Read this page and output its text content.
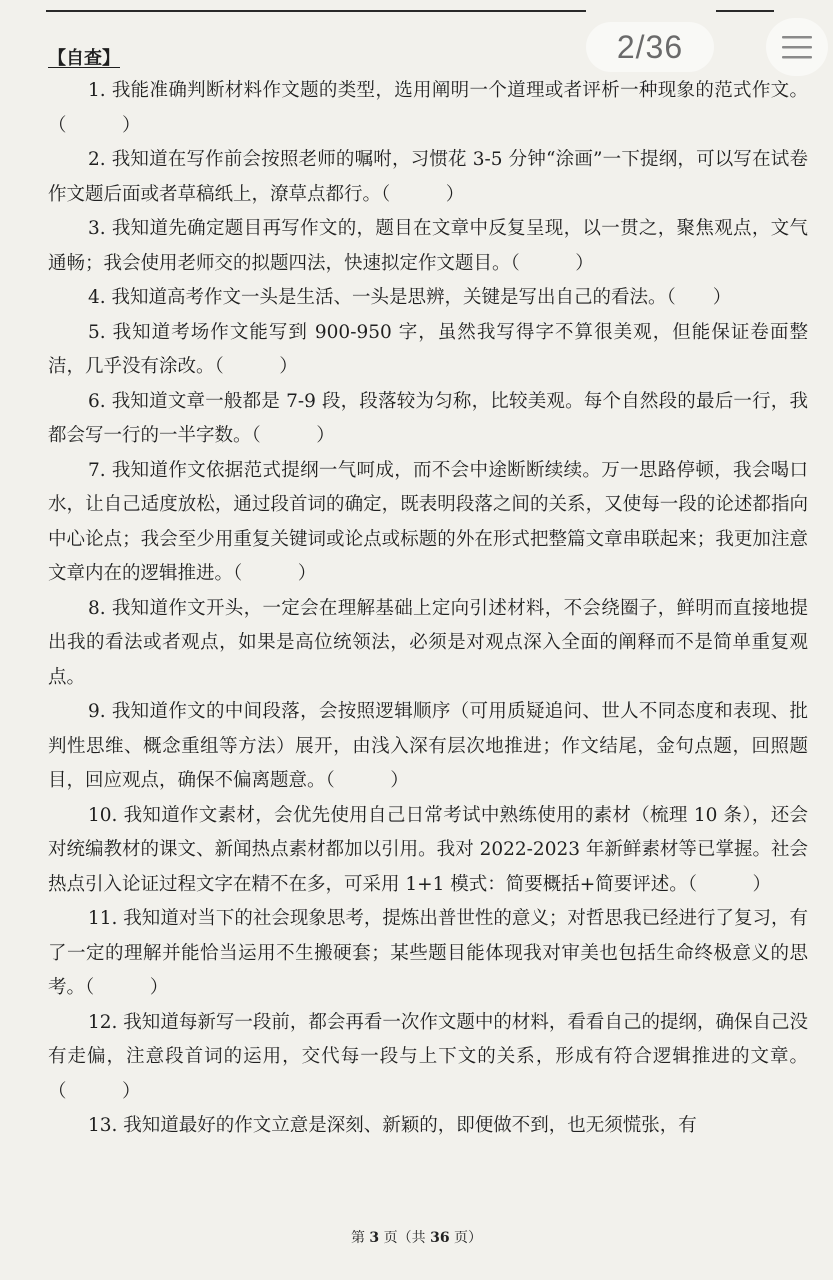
2/36
【自查】

1. 我能准确判断材料作文题的类型，选用阐明一个道理或者评析一种现象的范式作文。（　　　）

2. 我知道在写作前会按照老师的嘱咐，习惯花 3-5 分钟“涂画”一下提纲，可以写在试卷作文题后面或者草稿纸上，潦草点都行。（　　　）

3. 我知道先确定题目再写作文的，题目在文章中反复呈现，以一贯之，聚焦观点，文气通畅；我会使用老师交的拟题四法，快速拟定作文题目。（　　　）

4. 我知道高考作文一头是生活、一头是思辨，关键是写出自己的看法。（　　）

5. 我知道考场作文能写到 900-950 字，虽然我写得字不算很美观，但能保证卷面整洁，几乎没有涂改。（　　　）

6. 我知道文章一般都是 7-9 段，段落较为匀称，比较美观。每个自然段的最后一行，我都会写一行的一半字数。（　　　）

7. 我知道作文依据范式提纲一气呵成，而不会中途断断续续。万一思路停顿，我会喝口水，让自己适度放松，通过段首词的确定，既表明段落之间的关系，又使每一段的论述都指向中心论点；我会至少用重复关键词或论点或标题的外在形式把整篇文章串联起来；我更加注意文章内在的逻辑推进。（　　　）

8. 我知道作文开头，一定会在理解基础上定向引述材料，不会绕圈子，鲜明而直接地提出我的看法或者观点，如果是高位统领法，必须是对观点深入全面的阐释而不是简单重复观点。

9. 我知道作文的中间段落，会按照逻辑顺序（可用质疑追问、世人不同态度和表现、批判性思维、概念重组等方法）展开，由浅入深有层次地推进；作文结尾，金句点题，回照题目，回应观点，确保不偏离题意。（　　　）

10. 我知道作文素材，会优先使用自己日常考试中熟练使用的素材（梳理 10 条），还会对统编教材的课文、新闻热点素材都加以引用。我对 2022-2023 年新鲜素材等已掌握。社会热点引入论证过程文字在精不在多，可采用 1+1 模式：简要概括+简要评述。（　　　）

11. 我知道对当下的社会现象思考，提炼出普世性的意义；对哲思我已经进行了复习，有了一定的理解并能恰当运用不生搬硬套；某些题目能体现我对审美也包括生命终极意义的思考。（　　　）

12. 我知道每新写一段前，都会再看一次作文题中的材料，看看自己的提纲，确保自己没有走偏，注意段首词的运用，交代每一段与上下文的关系，形成有符合逻辑推进的文章。（　　　）

13. 我知道最好的作文立意是深刻、新颖的，即便做不到，也无须慌张，有

第 3 页（共 36 页）
